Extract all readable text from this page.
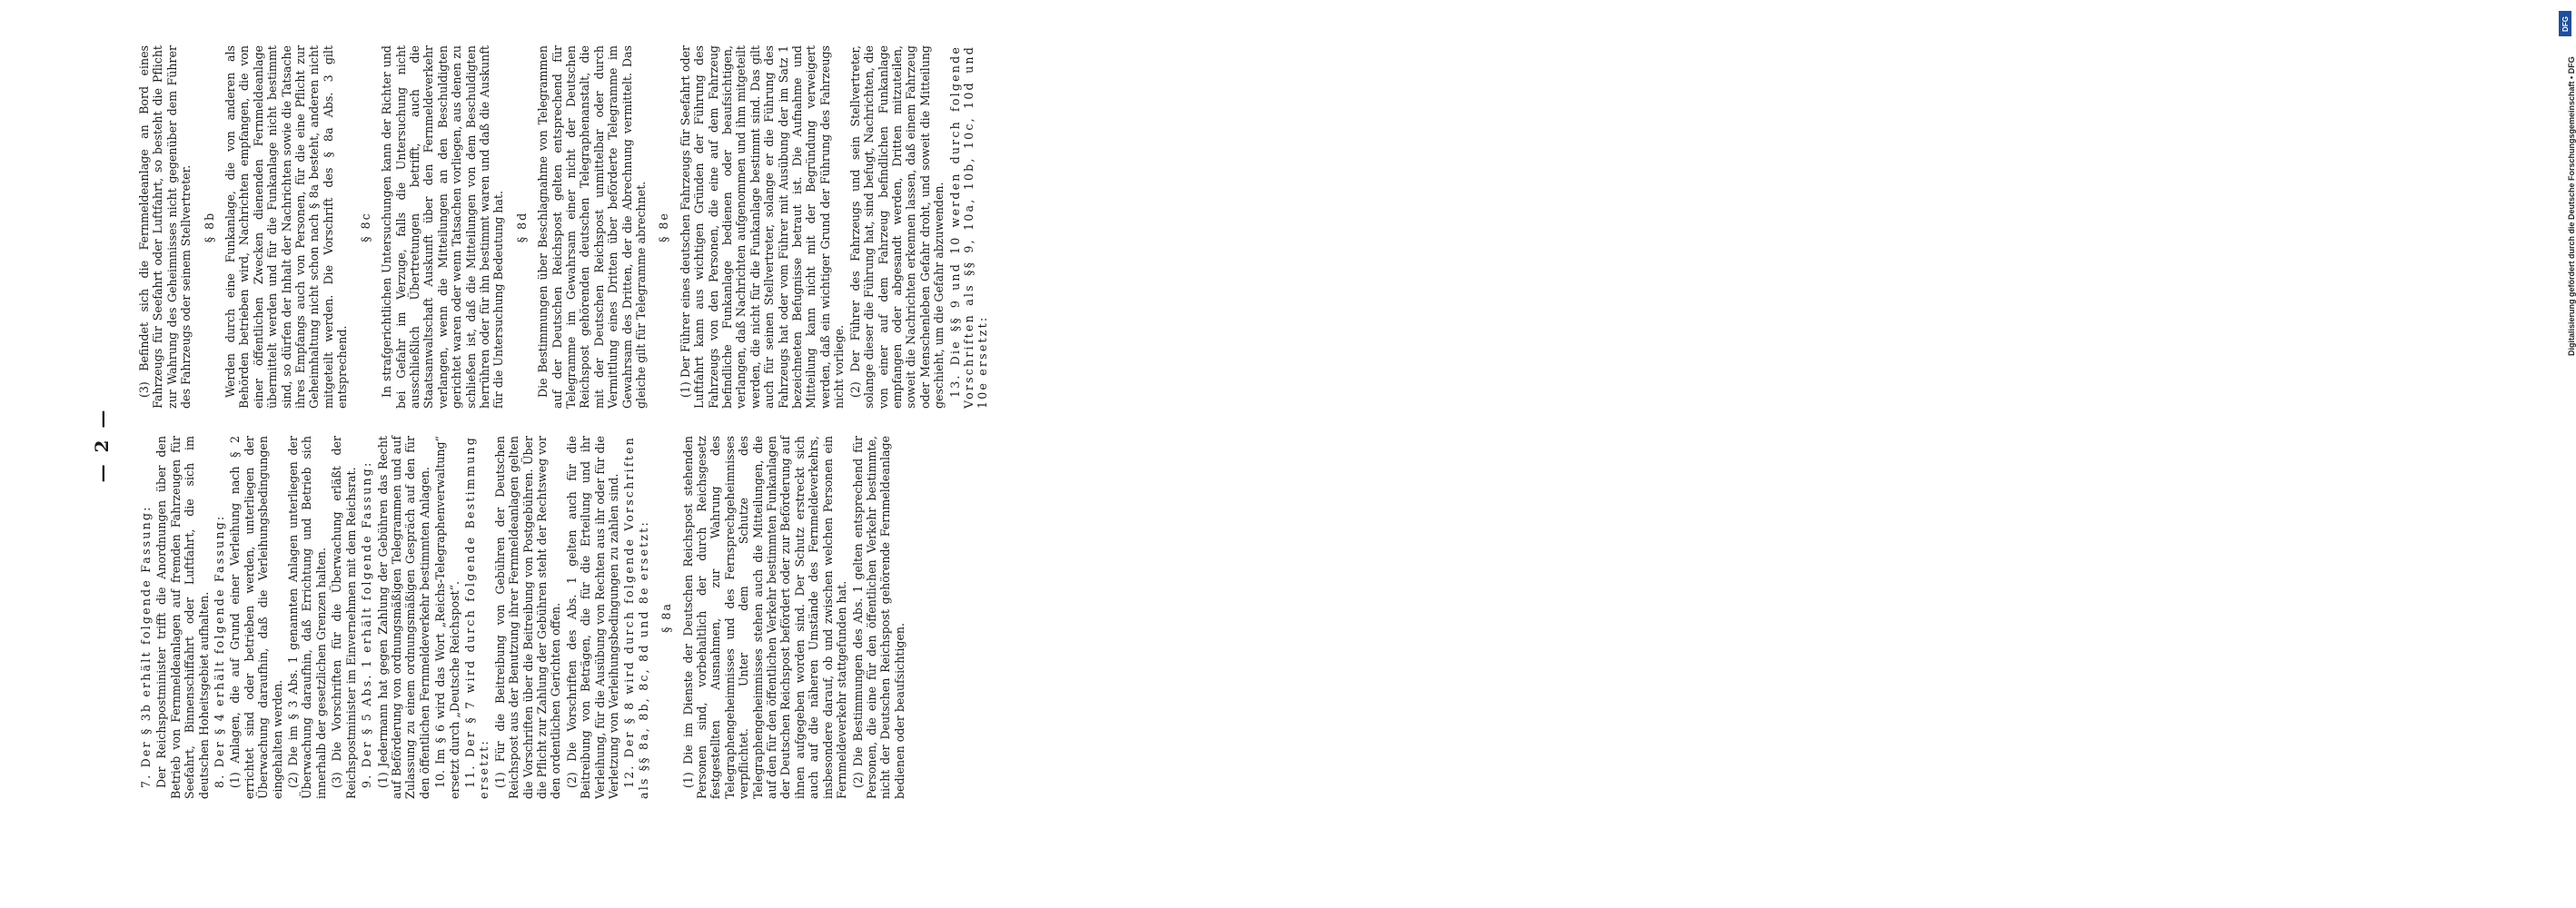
— 2 —

7. Der § 3b erhält folgende Fassung: Der Reichspostminister trifft die Anordnungen über den Betrieb von Fernmeldeanlagen auf fremden Fahrzeugen für Seefahrt, Binnenschiffahrt oder Luftfahrt, die sich im deutschen Hoheitsgebiet aufhalten. 8. Der § 4 erhält folgende Fassung: (1) Anlagen, die auf Grund einer Verleihung nach § 2 errichtet sind oder betrieben werden, unterliegen der Überwachung daraufhin, daß die Verleihungsbedingungen eingehalten werden. (2) Die im § 3 Abs. 1 genannten Anlagen unterliegen der Überwachung daraufhin, daß Errichtung und Betrieb sich innerhalb der gesetzlichen Grenzen halten. (3) Die Vorschriften für die Überwachung erläßt der Reichspostminister im Einvernehmen mit dem Reichsrat. 9. Der § 5 Abs. 1 erhält folgende Fassung: (1) Jedermann hat gegen Zahlung der Gebühren das Recht auf Beförderung von ordnungsmäßigen Telegrammen und auf Zulassung zu einem ordnungsmäßigen Gespräch auf den für den öffentlichen Fernmeldeverkehr bestimmten Anlagen. 10. Im § 6 wird das Wort „Reichs-Telegraphenverwaltung“ ersetzt durch „Deutsche Reichspost“. 11. Der § 7 wird durch folgende Bestimmung ersetzt: (1) Für die Beitreibung von Gebühren der Deutschen Reichspost aus der Benutzung ihrer Fernmeldeanlagen gelten die Vorschriften über die Beitreibung von Postgebühren. Über die Pflicht zur Zahlung der Gebühren steht der Rechtsweg vor den ordentlichen Gerichten offen. (2) Die Vorschriften des Abs. 1 gelten auch für die Beitreibung von Beträgen, die für die Erteilung und ihr Verleihung, für die Ausübung von Rechten aus ihr oder für die Verletzung von Verleihungsbedingungen zu zahlen sind. 12. Der § 8 wird durch folgende Vorschriften als §§ 8a, 8b, 8c, 8d und 8e ersetzt: § 8a (1) Die im Dienste der Deutschen Reichspost stehenden Personen sind, vorbehaltlich der durch Reichsgesetz festgestellten Ausnahmen, zur Wahrung des Telegraphengeheimnisses und des Fernsprechgeheimnisses verpflichtet. Unter dem Schutze des Telegraphengeheimnisses stehen auch die Mitteilungen, die auf den für den öffentlichen Verkehr bestimmten Funkanlagen der Deutschen Reichspost befördert oder zur Beförderung auf ihnen aufgegeben worden sind. Der Schutz erstreckt sich auch auf die näheren Umstände des Fernmeldeverkehrs, insbesondere darauf, ob und zwischen welchen Personen ein Fernmeldeverkehr stattgefunden hat. (2) Die Bestimmungen des Abs. 1 gelten entsprechend für Personen, die eine für den öffentlichen Verkehr bestimmte, nicht der Deutschen Reichspost gehörende Fernmeldeanlage bedienen oder beaufsichtigen.

(3) Befindet sich die Fernmeldeanlage an Bord eines Fahrzeugs für Seefahrt oder Luftfahrt, so besteht die Pflicht zur Wahrung des Geheimnisses nicht gegenüber dem Führer des Fahrzeugs oder seinem Stellvertreter. § 8b Werden durch eine Funkanlage, die von anderen als Behörden betrieben wird, Nachrichten empfangen, die von einer öffentlichen Zwecken dienenden Fernmeldeanlage übermittelt werden und für die Funkanlage nicht bestimmt sind, so dürfen der Inhalt der Nachrichten sowie die Tatsache ihres Empfangs auch von Personen, für die eine Pflicht zur Geheimhaltung nicht schon nach § 8a besteht, anderen nicht mitgeteilt werden. Die Vorschrift des § 8a Abs. 3 gilt entsprechend.

§ 8c In strafgerichtlichen Untersuchungen kann der Richter und bei Gefahr im Verzuge, falls die Untersuchung nicht ausschließlich Übertretungen betrifft, auch die Staatsanwaltschaft Auskunft über den Fernmeldeverkehr verlangen, wenn die Mitteilungen an den Beschuldigten gerichtet waren oder wenn Tatsachen vorliegen, aus denen zu schließen ist, daß die Mitteilungen von dem Beschuldigten herrühren oder für ihn bestimmt waren und daß die Auskunft für die Untersuchung Bedeutung hat. § 8d Die Bestimmungen über Beschlagnahme von Telegrammen auf der Deutschen Reichspost gelten entsprechend für Telegramme im Gewahrsam einer nicht der Deutschen Reichspost gehörenden deutschen Telegraphenanstalt, die mit der Deutschen Reichspost unmittelbar oder durch Vermittlung eines Dritten über beförderte Telegramme im Gewahrsam des Dritten, der die Abrechnung vermittelt. Das gleiche gilt für Telegramme abrechnet. § 8e (1) Der Führer eines deutschen Fahrzeugs für Seefahrt oder Luftfahrt kann aus wichtigen Gründen der Führung des Fahrzeugs von den Personen, die eine auf dem Fahrzeug befindliche Funkanlage bedienen oder beaufsichtigen, verlangen, daß Nachrichten aufgenommen und ihm mitgeteilt werden, die nicht für die Funkanlage bestimmt sind. Das gilt auch für seinen Stellvertreter, solange er die Führung des Fahrzeugs hat oder vom Führer mit Ausübung der im Satz 1 bezeichneten Befugnisse betraut ist. Die Aufnahme und Mitteilung kann nicht mit der Begründung verweigert werden, daß ein wichtiger Grund der Führung des Fahrzeugs nicht vorliege. (2) Der Führer des Fahrzeugs und sein Stellvertreter, solange dieser die Führung hat, sind befugt, Nachrichten, die von einer auf dem Fahrzeug befindlichen Funkanlage empfangen oder abgesandt werden, Dritten mitzuteilen, soweit die Nachrichten erkennen lassen, daß einem Fahrzeug oder Menschenleben Gefahr droht, und soweit die Mitteilung geschieht, um die Gefahr abzuwenden. 13. Die §§ 9 und 10 werden durch folgende Vorschriften als §§ 9, 10a, 10b, 10c, 10d und 10e ersetzt:

DFG
Digitalisierung gefördert durch die Deutsche Forschungsgemeinschaft • DFG
